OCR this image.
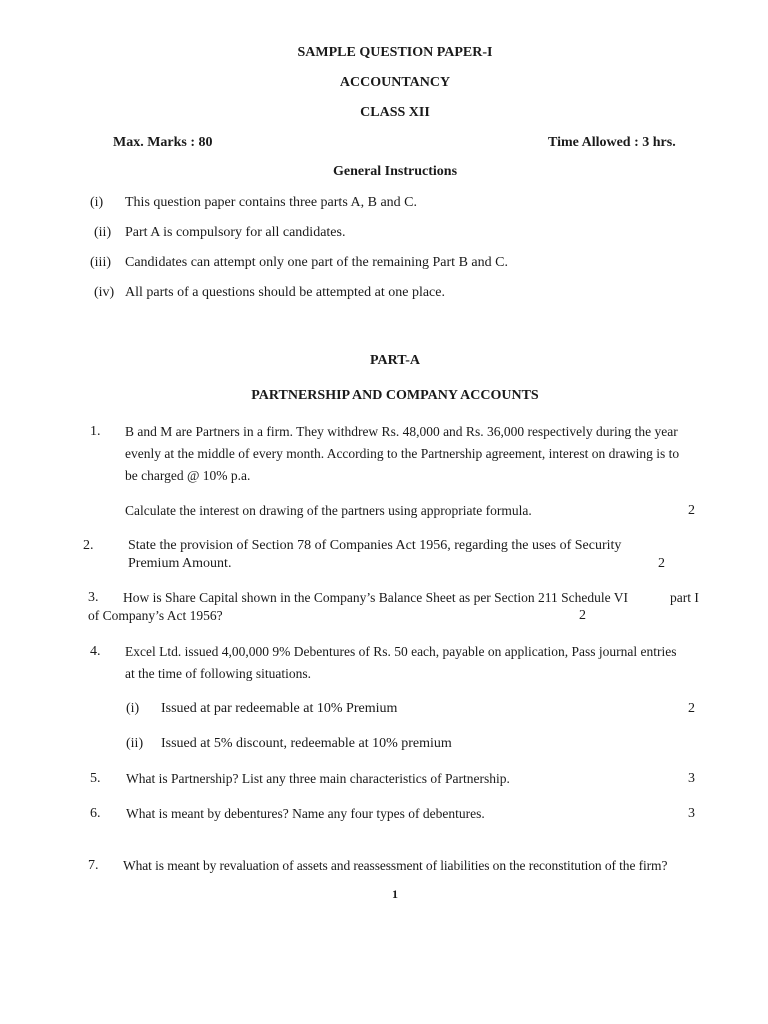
SAMPLE QUESTION PAPER-I
ACCOUNTANCY
CLASS XII
Max. Marks : 80	Time Allowed : 3 hrs.
General Instructions
(i) This question paper contains three parts A, B and C.
(ii) Part A is compulsory for all candidates.
(iii) Candidates can attempt only one part of the remaining Part B and C.
(iv) All parts of a questions should be attempted at one place.
PART-A
PARTNERSHIP AND COMPANY ACCOUNTS
1. B and M are Partners in a firm. They withdrew Rs. 48,000 and Rs. 36,000 respectively during the year
evenly at the middle of every month. According to the Partnership agreement, interest on drawing is to
be charged @ 10% p.a.
Calculate the interest on drawing of the partners using appropriate formula.	2
2. State the provision of Section 78 of Companies Act 1956, regarding the uses of Security
Premium Amount.	2
3. How is Share Capital shown in the Company’s Balance Sheet as per Section 211 Schedule VI	part I
of Company’s Act 1956?	2
4. Excel Ltd. issued 4,00,000 9% Debentures of Rs. 50 each, payable on application, Pass journal entries
at the time of following situations.
(i) Issued at par redeemable at 10% Premium	2
(ii) Issued at 5% discount, redeemable at 10% premium
5. What is Partnership? List any three main characteristics of Partnership.	3
6. What is meant by debentures? Name any four types of debentures.	3
7. What is meant by revaluation of assets and reassessment of liabilities on the reconstitution of the firm?
1
